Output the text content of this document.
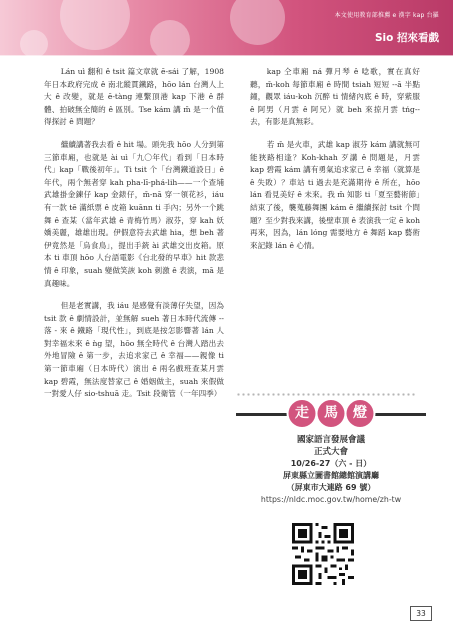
本文使用教育部推薦 e 漢字 kap 台羅
Sio 招來看戲

Lán uì 翻和 ê tsit 篇文章就 ē-sái 了解，1908 年日本政府完成 ê 南北縱貫鐵路，hōo lán 台灣人上大 ê 改變，就是 ē-tàng 連繫頂港 kap 下港 ê 群體、拍破無全簡的 ê 區別。Tse kám 講 m̄ 是一个值得探討 ê 問題？

繼續講著我去看 ê hit 場。頭先我 hōo 人分到第三節車廂，也就是 ài uì「九〇年代」看到「日本時代」kap「戰後初年」。Ti tsit 个「台灣鐵道設日」ê 年代，兩个無者穿 kah pha-lī-phá-lih——一个查埔武雄掛金鍊仔 kap 金錶仔，m̄-nā 穿一領花衫，iáu 有一款 tē 滿紙票 ê 皮箱 kuānn ti 手內；另外一个跳舞 ê 查某（當年武雄 ê 青梅竹馬）淑芬，穿 kah 妖嬌美麗，雄雄出現。伊假意符去武雄 hia，想 beh 著伊竟然是「烏食鳥」，提出手銃 ài 武雄交出皮箱。原本 ti 車頂 hōo 人台語電影《台北發的早車》hit 款悲情 ê 印象，suah 變做笑詼 koh 刺激 ê 表演，mā 是真趣味。

但是老實講，我 iáu 是感覺有淡薄仔失望，因為 tsit 款 ê 劇情設計，並無解 sueh 著日本時代流傳 -- 落 - 來 ê 鐵路「現代性」，到底是按怎影響著 lán 人對幸福未來 ê ǹg 望，hōo 無全時代 ê 台灣人踏出去外地冒險 ê 第一步，去追求家己 ê 幸福——親像 ti 第一節車廂（日本時代）演出 ê 兩名戲班查某月雲 kap 碧霞，無法度替家己 ê 婚姻做主，suah 來假做一對愛人仔 sio-tshuā 走。Tsit 段衛管（一年四季）

kap 仝車廂 ná 彈月琴 ê 唸歌，實在真好聽，m̄-koh 每節車廂 ê 時間 tsiah 短短 --ā 半點鐘，觀眾 iáu-koh 沉醉 ti 情緒內底 ê 時，穿紫服 ê 阿男（月雲 ê 阿兄）就 beh 來掠月雲 tńg-- 去，有影是真無彩。

若 m̄ 是火車，武雄 kap 淑芬 kám 講就無可能狹路相逢？Koh-khah 歹講 ê 問題是，月雲 kap 碧霞 kám 講有勇氣追求家己 ê 幸福（就算是 ê 失敗）？車站 ti 過去是充滿期待 ê 所在，hōo lán 看見美好 ê 未來。我 m̄ 知影 ti「夏至藝術節」結束了後，襲蒐藤舞團 kám ē 繼續探討 tsit 个問題？至少對我來講，後壁車頂 ê 表演我一定 ē koh 再來，因為，lán lóng 需要地方 ê 舞蹈 kap 藝術來記錄 lán ê 心情。

走	馬	燈
國家語言發展會議
正式大會
10/26-27（六 - 日）
屏東縣立圖書館總館演講廳
（屏東市大連路 69 號）
https://nldc.moc.gov.tw/home/zh-tw
33
